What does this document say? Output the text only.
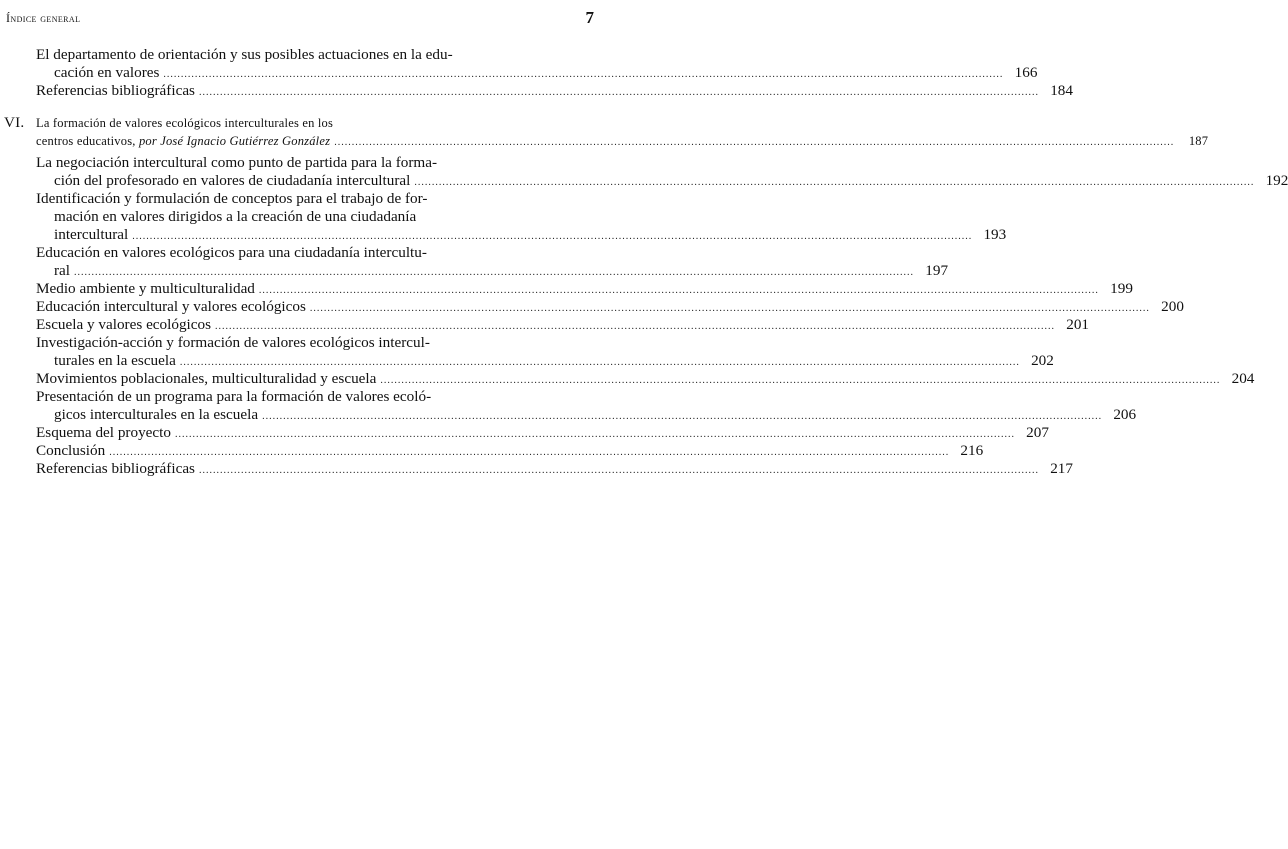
Índice general	7
VI. La formación de valores ecológicos interculturales en los
centros educativos, por José Ignacio Gutiérrez González ................................................................................................................................................................................................................................................	187
El departamento de orientación y sus posibles actuaciones en la edu-
cación en valores ................................................................................................................................................................................................................................................ 166
Referencias bibliográficas ................................................................................................................................................................................................................................................ 184
La negociación intercultural como punto de partida para la forma-
ción del profesorado en valores de ciudadanía intercultural ................................................................................................................................................................................................................................................ 192
Identificación y formulación de conceptos para el trabajo de for-
mación en valores dirigidos a la creación de una ciudadanía
intercultural ................................................................................................................................................................................................................................................ 193
Educación en valores ecológicos para una ciudadanía intercultu-
ral ................................................................................................................................................................................................................................................ 197
Medio ambiente y multiculturalidad ................................................................................................................................................................................................................................................ 199
Educación intercultural y valores ecológicos ................................................................................................................................................................................................................................................ 200
Escuela y valores ecológicos ................................................................................................................................................................................................................................................ 201
Investigación-acción y formación de valores ecológicos intercul-
turales en la escuela ................................................................................................................................................................................................................................................ 202
Movimientos poblacionales, multiculturalidad y escuela ................................................................................................................................................................................................................................................ 204
Presentación de un programa para la formación de valores ecoló-
gicos interculturales en la escuela ................................................................................................................................................................................................................................................ 206
Esquema del proyecto ................................................................................................................................................................................................................................................ 207
Conclusión ................................................................................................................................................................................................................................................ 216
Referencias bibliográficas ................................................................................................................................................................................................................................................ 217
